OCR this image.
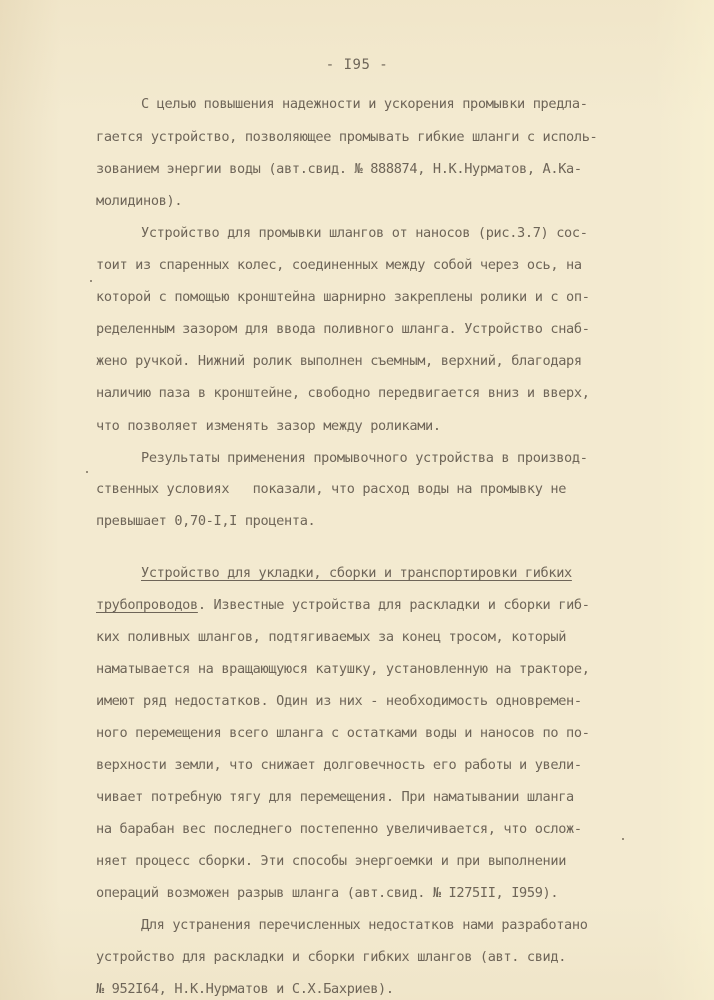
- I95 -
С целью повышения надежности и ускорения промывки предла-
гается устройство, позволяющее промывать гибкие шланги с исполь-
зованием энергии воды (авт.свид. № 888874, Н.К.Нурматов, А.Ка-
молидинов).
Устройство для промывки шлангов от наносов (рис.3.7) сос-
тоит из спаренных колес, соединенных между собой через ось, на
которой с помощью кронштейна шарнирно закреплены ролики и с оп-
ределенным зазором для ввода поливного шланга. Устройство снаб-
жено ручкой. Нижний ролик выполнен съемным, верхний, благодаря
наличию паза в кронштейне, свободно передвигается вниз и вверх,
что позволяет изменять зазор между роликами.
Результаты применения промывочного устройства в производ-
ственных условиях   показали, что расход воды на промывку не
превышает 0,70-I,I процента.
Устройство для укладки, сборки и транспортировки гибких
трубопроводов. Известные устройства для раскладки и сборки гиб-
ких поливных шлангов, подтягиваемых за конец тросом, который
наматывается на вращающуюся катушку, установленную на тракторе,
имеют ряд недостатков. Один из них - необходимость одновремен-
ного перемещения всего шланга с остатками воды и наносов по по-
верхности земли, что снижает долговечность его работы и увели-
чивает потребную тягу для перемещения. При наматывании шланга
на барабан вес последнего постепенно увеличивается, что ослож-
няет процесс сборки. Эти способы энергоемки и при выполнении
операций возможен разрыв шланга (авт.свид. № I275II, I959).
Для устранения перечисленных недостатков нами разработано
устройство для раскладки и сборки гибких шлангов (авт. свид.
№ 952I64, Н.К.Нурматов и С.Х.Бахриев).
